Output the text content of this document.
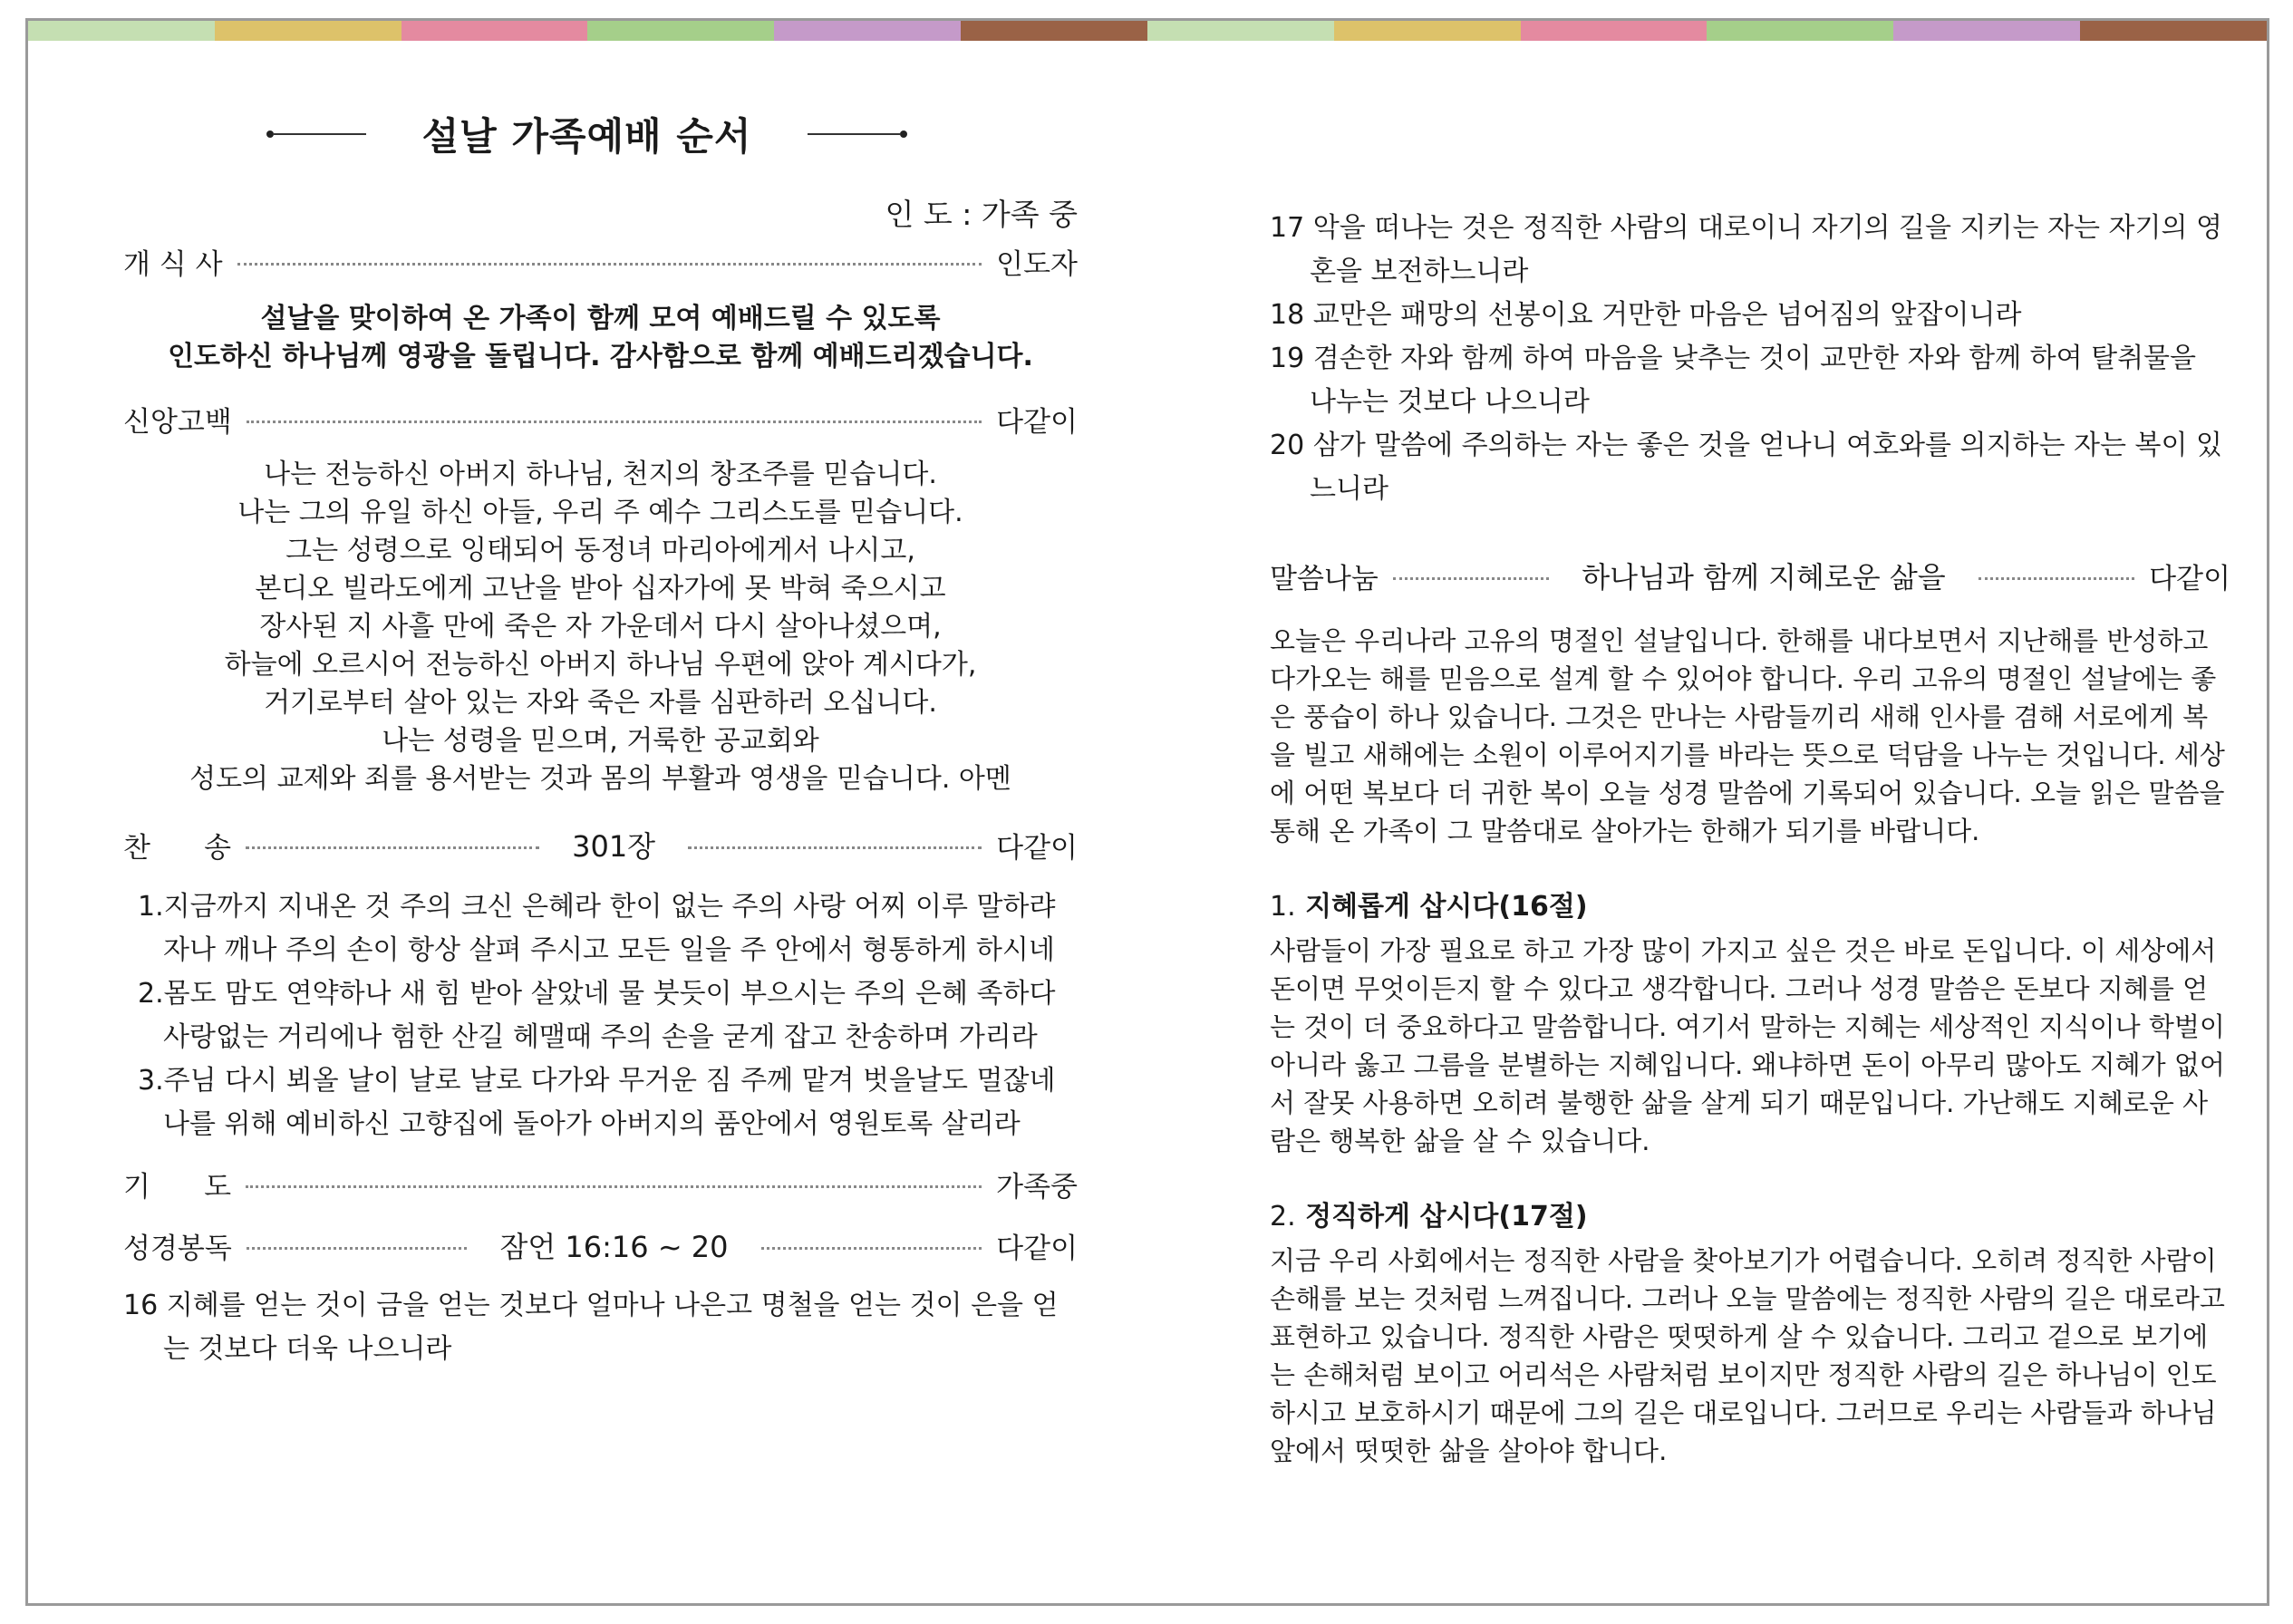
설날 가족예배 순서
인 도 : 가족 중
개 식 사	인도자
설날을 맞이하여 온 가족이 함께 모여 예배드릴 수 있도록
인도하신 하나님께 영광을 돌립니다. 감사함으로 함께 예배드리겠습니다.
신앙고백	다같이
나는 전능하신 아버지 하나님, 천지의 창조주를 믿습니다.
나는 그의 유일 하신 아들, 우리 주 예수 그리스도를 믿습니다.
그는 성령으로 잉태되어 동정녀 마리아에게서 나시고,
본디오 빌라도에게 고난을 받아 십자가에 못 박혀 죽으시고
장사된 지 사흘 만에 죽은 자 가운데서 다시 살아나셨으며,
하늘에 오르시어 전능하신 아버지 하나님 우편에 앉아 계시다가,
거기로부터 살아 있는 자와 죽은 자를 심판하러 오십니다.
나는 성령을 믿으며, 거룩한 공교회와
성도의 교제와 죄를 용서받는 것과 몸의 부활과 영생을 믿습니다. 아멘
찬      송	301장	다같이
1.지금까지 지내온 것 주의 크신 은혜라 한이 없는 주의 사랑 어찌 이루 말하랴 자나 깨나 주의 손이 항상 살펴 주시고 모든 일을 주 안에서 형통하게 하시네
2.몸도 맘도 연약하나 새 힘 받아 살았네 물 붓듯이 부으시는 주의 은혜 족하다 사랑없는 거리에나 험한 산길 헤맬때 주의 손을 굳게 잡고 찬송하며 가리라
3.주님 다시 뵈올 날이 날로 날로 다가와 무거운 짐 주께 맡겨 벗을날도 멀잖네 나를 위해 예비하신 고향집에 돌아가 아버지의 품안에서 영원토록 살리라
기      도	가족중
성경봉독	잠언 16:16 ~ 20	다같이
16 지혜를 얻는 것이 금을 얻는 것보다 얼마나 나은고 명철을 얻는 것이 은을 얻는 것보다 더욱 나으니라
17 악을 떠나는 것은 정직한 사람의 대로이니 자기의 길을 지키는 자는 자기의 영혼을 보전하느니라
18 교만은 패망의 선봉이요 거만한 마음은 넘어짐의 앞잡이니라
19 겸손한 자와 함께 하여 마음을 낮추는 것이 교만한 자와 함께 하여 탈취물을 나누는 것보다 나으니라
20 삼가 말씀에 주의하는 자는 좋은 것을 얻나니 여호와를 의지하는 자는 복이 있느니라
말씀나눔	하나님과 함께 지혜로운 삶을	다같이
오늘은 우리나라 고유의 명절인 설날입니다. 한해를 내다보면서 지난해를 반성하고 다가오는 해를 믿음으로 설계 할 수 있어야 합니다. 우리 고유의 명절인 설날에는 좋은 풍습이 하나 있습니다. 그것은 만나는 사람들끼리 새해 인사를 겸해 서로에게 복을 빌고 새해에는 소원이 이루어지기를 바라는 뜻으로 덕담을 나누는 것입니다. 세상에 어떤 복보다 더 귀한 복이 오늘 성경 말씀에 기록되어 있습니다. 오늘 읽은 말씀을 통해 온 가족이 그 말씀대로 살아가는 한해가 되기를 바랍니다.
1. 지혜롭게 삽시다(16절)
사람들이 가장 필요로 하고 가장 많이 가지고 싶은 것은 바로 돈입니다. 이 세상에서 돈이면 무엇이든지 할 수 있다고 생각합니다. 그러나 성경 말씀은 돈보다 지혜를 얻는 것이 더 중요하다고 말씀합니다. 여기서 말하는 지혜는 세상적인 지식이나 학벌이 아니라 옳고 그름을 분별하는 지혜입니다. 왜냐하면 돈이 아무리 많아도 지혜가 없어서 잘못 사용하면 오히려 불행한 삶을 살게 되기 때문입니다. 가난해도 지혜로운 사람은 행복한 삶을 살 수 있습니다.
2. 정직하게 삽시다(17절)
지금 우리 사회에서는 정직한 사람을 찾아보기가 어렵습니다. 오히려 정직한 사람이 손해를 보는 것처럼 느껴집니다. 그러나 오늘 말씀에는 정직한 사람의 길은 대로라고 표현하고 있습니다. 정직한 사람은 떳떳하게 살 수 있습니다. 그리고 겉으로 보기에는 손해처럼 보이고 어리석은 사람처럼 보이지만 정직한 사람의 길은 하나님이 인도하시고 보호하시기 때문에 그의 길은 대로입니다. 그러므로 우리는 사람들과 하나님 앞에서 떳떳한 삶을 살아야 합니다.
